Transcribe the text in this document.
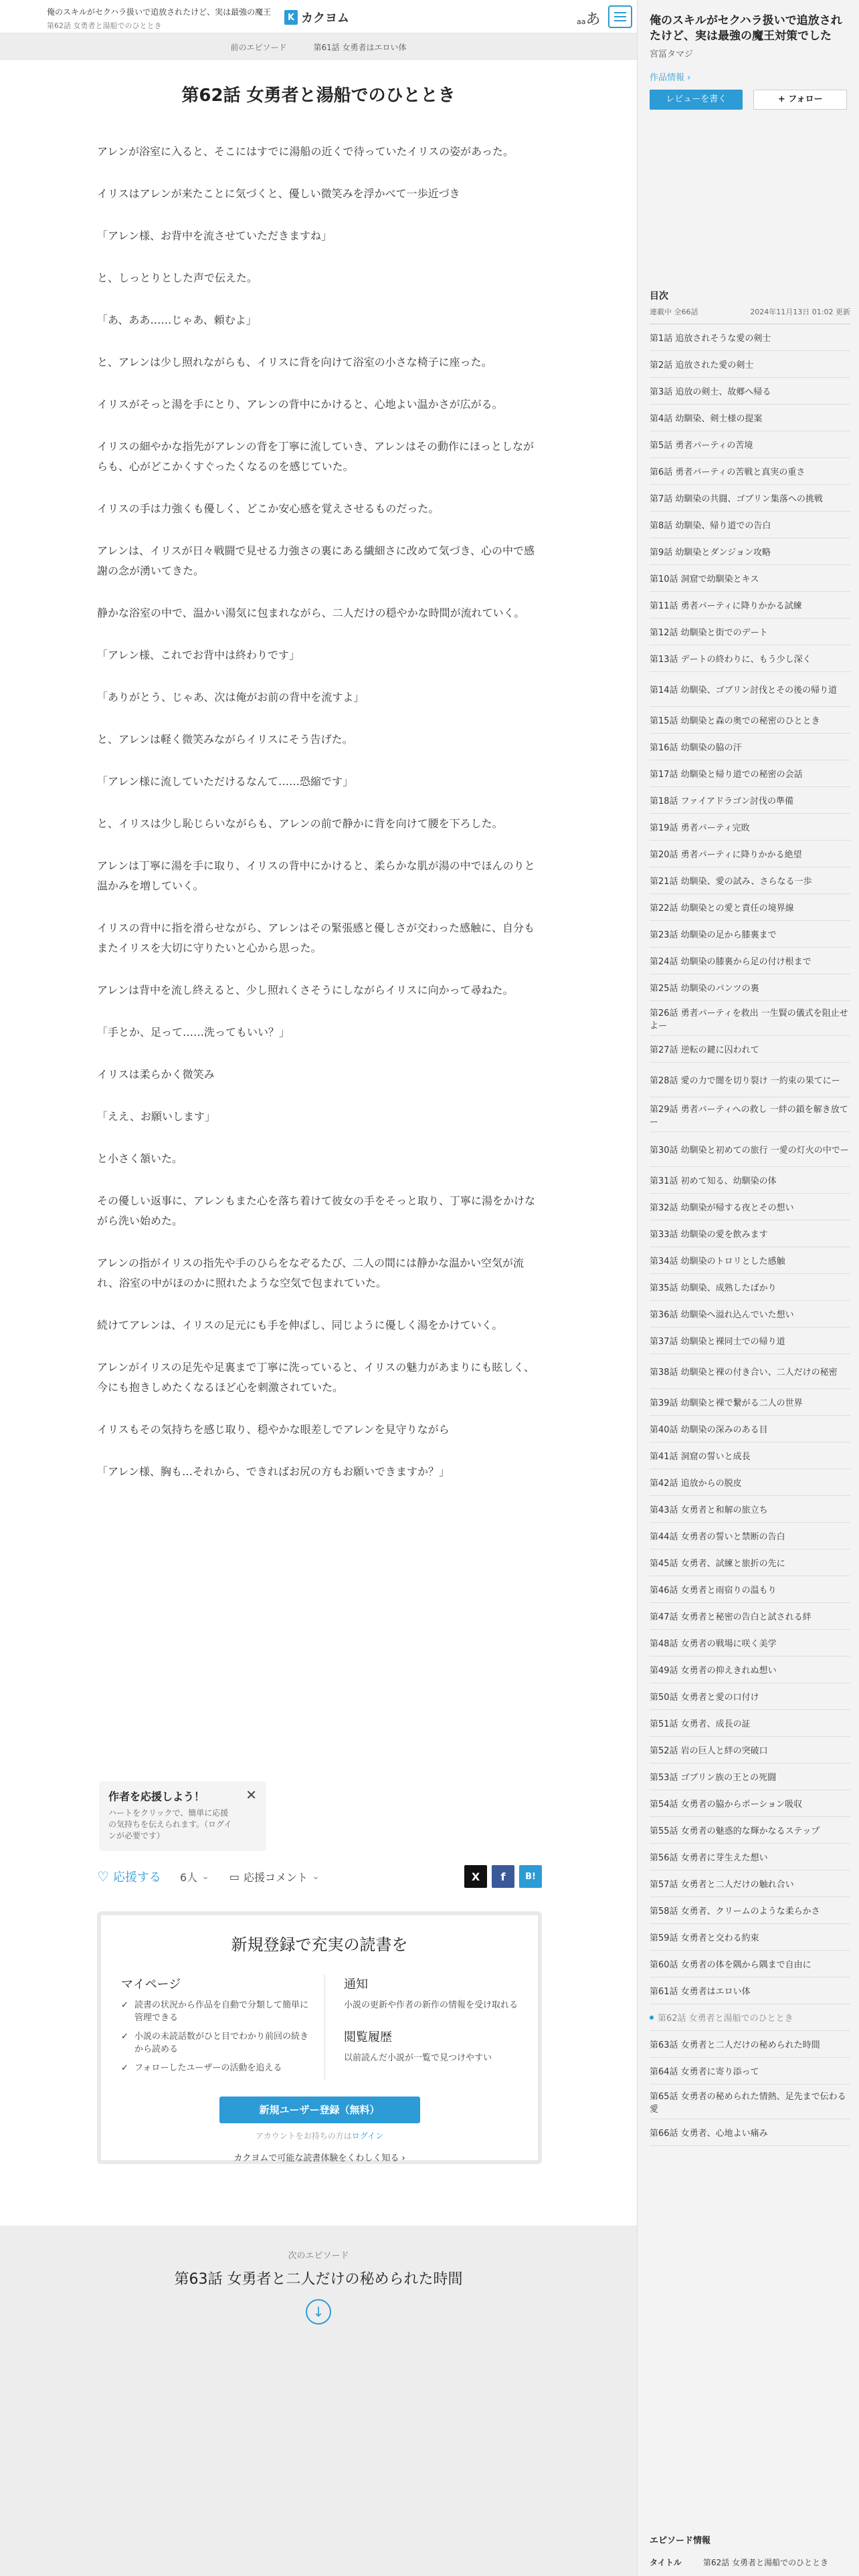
俺のスキルがセクハラ扱いで追放されたけど、実は最強の魔王
第62話 女勇者と湯船でのひととき
K カクヨム	aaあ
前のエピソード	第61話 女勇者はエロい体
第62話 女勇者と湯船でのひととき

アレンが浴室に入ると、そこにはすでに湯船の近くで待っていたイリスの姿があった。

イリスはアレンが来たことに気づくと、優しい微笑みを浮かべて一歩近づき

「アレン様、お背中を流させていただきますね」

と、しっとりとした声で伝えた。

「あ、ああ……じゃあ、頼むよ」

と、アレンは少し照れながらも、イリスに背を向けて浴室の小さな椅子に座った。

イリスがそっと湯を手にとり、アレンの背中にかけると、心地よい温かさが広がる。

イリスの細やかな指先がアレンの背を丁寧に流していき、アレンはその動作にほっとしながらも、心がどこかくすぐったくなるのを感じていた。

イリスの手は力強くも優しく、どこか安心感を覚えさせるものだった。

アレンは、イリスが日々戦闘で見せる力強さの裏にある繊細さに改めて気づき、心の中で感謝の念が湧いてきた。

静かな浴室の中で、温かい湯気に包まれながら、二人だけの穏やかな時間が流れていく。

「アレン様、これでお背中は終わりです」

「ありがとう、じゃあ、次は俺がお前の背中を流すよ」

と、アレンは軽く微笑みながらイリスにそう告げた。

「アレン様に流していただけるなんて……恐縮です」

と、イリスは少し恥じらいながらも、アレンの前で静かに背を向けて腰を下ろした。

アレンは丁寧に湯を手に取り、イリスの背中にかけると、柔らかな肌が湯の中でほんのりと温かみを増していく。

イリスの背中に指を滑らせながら、アレンはその緊張感と優しさが交わった感触に、自分もまたイリスを大切に守りたいと心から思った。

アレンは背中を流し終えると、少し照れくさそうにしながらイリスに向かって尋ねた。

「手とか、足って……洗ってもいい？」

イリスは柔らかく微笑み

「ええ、お願いします」

と小さく頷いた。

その優しい返事に、アレンもまた心を落ち着けて彼女の手をそっと取り、丁寧に湯をかけながら洗い始めた。

アレンの指がイリスの指先や手のひらをなぞるたび、二人の間には静かな温かい空気が流れ、浴室の中がほのかに照れたような空気で包まれていた。

続けてアレンは、イリスの足元にも手を伸ばし、同じように優しく湯をかけていく。

アレンがイリスの足先や足裏まで丁寧に洗っていると、イリスの魅力があまりにも眩しく、今にも抱きしめたくなるほど心を刺激されていた。

イリスもその気持ちを感じ取り、穏やかな眼差しでアレンを見守りながら

「アレン様、胸も…それから、できればお尻の方もお願いできますか？」

作者を応援しよう！
ハートをクリックで、簡単に応援の気持ちを伝えられます。（ログインが必要です）
✕
♡ 応援する 6人 ⌄ ▭ 応援コメント ⌄	X	f	B!
新規登録で充実の読書を
マイページ
✓ 読書の状況から作品を自動で分類して簡単に管理できる
✓ 小説の未読話数がひと目でわかり前回の続きから読める
✓ フォローしたユーザーの活動を追える
通知
小説の更新や作者の新作の情報を受け取れる
閲覧履歴
以前読んだ小説が一覧で見つけやすい
新規ユーザー登録（無料）
アカウントをお持ちの方はログイン
カクヨムで可能な読書体験をくわしく知る ›
次のエピソード
第63話 女勇者と二人だけの秘められた時間
↓
俺のスキルがセクハラ扱いで追放されたけど、実は最強の魔王対策でした
宮冨タマジ
作品情報 ›
レビューを書く	+ フォロー
目次
連載中 全66話	2024年11月13日 01:02 更新
第1話 追放されそうな愛の剣士
第2話 追放された愛の剣士
第3話 追放の剣士、故郷へ帰る
第4話 幼馴染、剣士様の提案
第5話 勇者パーティの苦境
第6話 勇者パーティの苦戦と真実の重さ
第7話 幼馴染の共闘、ゴブリン集落への挑戦
第8話 幼馴染、帰り道での告白
第9話 幼馴染とダンジョン攻略
第10話 洞窟で幼馴染とキス
第11話 勇者パーティに降りかかる試練
第12話 幼馴染と街でのデート
第13話 デートの終わりに、もう少し深く
第14話 幼馴染、ゴブリン討伐とその後の帰り道
第15話 幼馴染と森の奥での秘密のひととき
第16話 幼馴染の脇の汗
第17話 幼馴染と帰り道での秘密の会話
第18話 ファイアドラゴン討伐の準備
第19話 勇者パーティ完敗
第20話 勇者パーティに降りかかる絶望
第21話 幼馴染、愛の試み、さらなる一歩
第22話 幼馴染との愛と責任の境界線
第23話 幼馴染の足から膝裏まで
第24話 幼馴染の膝裏から足の付け根まで
第25話 幼馴染のパンツの裏
第26話 勇者パーティを救出 一生賢の儀式を阻止せよー
第27話 逆転の鍵に囚われて
第28話 愛の力で闇を切り裂け 一約束の果てにー
第29話 勇者パーティへの救し 一絆の鎖を解き放てー
第30話 幼馴染と初めての旅行 一愛の灯火の中でー
第31話 初めて知る、幼馴染の体
第32話 幼馴染が帰する夜とその想い
第33話 幼馴染の愛を飲みます
第34話 幼馴染のトロリとした感触
第35話 幼馴染、成熟したばかり
第36話 幼馴染へ溢れ込んでいた想い
第37話 幼馴染と裸同士での帰り道
第38話 幼馴染と裸の付き合い、二人だけの秘密
第39話 幼馴染と裸で繋がる二人の世界
第40話 幼馴染の深みのある目
第41話 洞窟の誓いと成長
第42話 追放からの脱皮
第43話 女勇者と和解の旅立ち
第44話 女勇者の誓いと禁断の告白
第45話 女勇者、試練と旅折の先に
第46話 女勇者と雨宿りの温もり
第47話 女勇者と秘密の告白と試される絆
第48話 女勇者の戦場に咲く美学
第49話 女勇者の抑えきれぬ想い
第50話 女勇者と愛の口付け
第51話 女勇者、成長の証
第52話 岩の巨人と絆の突破口
第53話 ゴブリン族の王との死闘
第54話 女勇者の脇からポーション吸収
第55話 女勇者の魅惑的な輝かなるステップ
第56話 女勇者に芽生えた想い
第57話 女勇者と二人だけの触れ合い
第58話 女勇者、クリームのような柔らかさ
第59話 女勇者と交わる約束
第60話 女勇者の体を隅から隅まで自由に
第61話 女勇者はエロい体
第62話 女勇者と湯船でのひととき
第63話 女勇者と二人だけの秘められた時間
第64話 女勇者に寄り添って
第65話 女勇者の秘められた情熱、足先まで伝わる愛
第66話 女勇者、心地よい痛み
エピソード情報
タイトル	第62話 女勇者と湯船でのひととき
